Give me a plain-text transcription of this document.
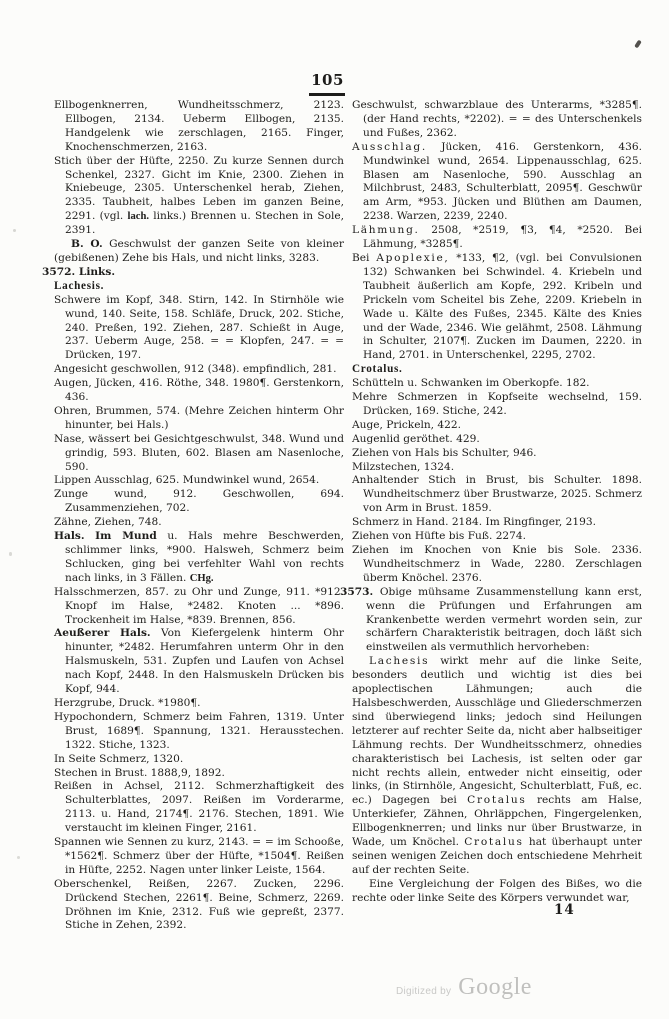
105

Ellbogenknerren, Wundheitsschmerz, 2123. Ellbogen, 2134. Ueberm Ellbogen, 2135. Handgelenk wie zerschlagen, 2165. Finger, Knochenschmerzen, 2163.

Stich über der Hüfte, 2250. Zu kurze Sennen durch Schenkel, 2327. Gicht im Knie, 2300. Ziehen in Kniebeuge, 2305. Unterschenkel herab, Ziehen, 2335. Taubheit, halbes Leben im ganzen Beine, 2291. (vgl. lach. links.) Brennen u. Stechen in Sole, 2391.

B. O. Geschwulst der ganzen Seite von kleiner (gebißenen) Zehe bis Hals, und nicht links, 3283.

3572. Links.

Lachesis.

Schwere im Kopf, 348. Stirn, 142. In Stirnhöle wie wund, 140. Seite, 158. Schläfe, Druck, 202. Stiche, 240. Preßen, 192. Ziehen, 287. Schießt in Auge, 237. Ueberm Auge, 258. = = Klopfen, 247. = = Drücken, 197.

Angesicht geschwollen, 912 (348). empfindlich, 281.

Augen, Jücken, 416. Röthe, 348. 1980¶. Gerstenkorn, 436.

Ohren, Brummen, 574. (Mehre Zeichen hinterm Ohr hinunter, bei Hals.)

Nase, wässert bei Gesichtgeschwulst, 348. Wund und grindig, 593. Bluten, 602. Blasen am Nasenloche, 590.

Lippen Ausschlag, 625. Mundwinkel wund, 2654.

Zunge wund, 912. Geschwollen, 694. Zusammenziehen, 702.

Zähne, Ziehen, 748.

Hals. Im Mund u. Hals mehre Beschwerden, schlimmer links, *900. Halsweh, Schmerz beim Schlucken, ging bei verfehlter Wahl von rechts nach links, in 3 Fällen. CHg.

Halsschmerzen, 857. zu Ohr und Zunge, 911. *912. Knopf im Halse, *2482. Knoten ... *896. Trockenheit im Halse, *839. Brennen, 856.

Aeußerer Hals. Von Kiefergelenk hinterm Ohr hinunter, *2482. Herumfahren unterm Ohr in den Halsmuskeln, 531. Zupfen und Laufen von Achsel nach Kopf, 2448. In den Halsmuskeln Drücken bis Kopf, 944.

Herzgrube, Druck. *1980¶.

Hypochondern, Schmerz beim Fahren, 1319. Unter Brust, 1689¶. Spannung, 1321. Herausstechen. 1322. Stiche, 1323.

In Seite Schmerz, 1320.

Stechen in Brust. 1888,9, 1892.

Reißen in Achsel, 2112. Schmerzhaftigkeit des Schulterblattes, 2097. Reißen im Vorderarme, 2113. u. Hand, 2174¶. 2176. Stechen, 1891. Wie verstaucht im kleinen Finger, 2161.

Spannen wie Sennen zu kurz, 2143. = = im Schooße, *1562¶. Schmerz über der Hüfte, *1504¶. Reißen in Hüfte, 2252. Nagen unter linker Leiste, 1564.

Oberschenkel, Reißen, 2267. Zucken, 2296. Drückend Stechen, 2261¶. Beine, Schmerz, 2269. Dröhnen im Knie, 2312. Fuß wie gepreßt, 2377. Stiche in Zehen, 2392.

Geschwulst, schwarzblaue des Unterarms, *3285¶. (der Hand rechts, *2202). = = des Unterschenkels und Fußes, 2362.

Ausschlag. Jücken, 416. Gerstenkorn, 436. Mundwinkel wund, 2654. Lippenausschlag, 625. Blasen am Nasenloche, 590. Ausschlag an Milchbrust, 2483, Schulterblatt, 2095¶. Geschwür am Arm, *953. Jücken und Blüthen am Daumen, 2238. Warzen, 2239, 2240.

Lähmung. 2508, *2519, ¶3, ¶4, *2520. Bei Lähmung, *3285¶.

Bei Apoplexie, *133, ¶2, (vgl. bei Convulsionen 132) Schwanken bei Schwindel. 4. Kriebeln und Taubheit äußerlich am Kopfe, 292. Kribeln und Prickeln vom Scheitel bis Zehe, 2209. Kriebeln in Wade u. Kälte des Fußes, 2345. Kälte des Knies und der Wade, 2346. Wie gelähmt, 2508. Lähmung in Schulter, 2107¶. Zucken im Daumen, 2220. in Hand, 2701. in Unterschenkel, 2295, 2702.

Crotalus.

Schütteln u. Schwanken im Oberkopfe. 182.

Mehre Schmerzen in Kopfseite wechselnd, 159. Drücken, 169. Stiche, 242.

Auge, Prickeln, 422.

Augenlid geröthet. 429.

Ziehen von Hals bis Schulter, 946.

Milzstechen, 1324.

Anhaltender Stich in Brust, bis Schulter. 1898. Wundheitschmerz über Brustwarze, 2025. Schmerz von Arm in Brust. 1859.

Schmerz in Hand. 2184. Im Ringfinger, 2193.

Ziehen von Hüfte bis Fuß. 2274.

Ziehen im Knochen von Knie bis Sole. 2336. Wundheitschmerz in Wade, 2280. Zerschlagen überm Knöchel. 2376.

3573. Obige mühsame Zusammenstellung kann erst, wenn die Prüfungen und Erfahrungen am Krankenbette werden vermehrt worden sein, zur schärfern Charakteristik beitragen, doch läßt sich einstweilen als vermuthlich hervorheben:

Lachesis wirkt mehr auf die linke Seite, besonders deutlich und wichtig ist dies bei apoplectischen Lähmungen; auch die Halsbeschwerden, Ausschläge und Gliederschmerzen sind überwiegend links; jedoch sind Heilungen letzterer auf rechter Seite da, nicht aber halbseitiger Lähmung rechts. Der Wundheitsschmerz, ohnedies charakteristisch bei Lachesis, ist selten oder gar nicht rechts allein, entweder nicht einseitig, oder links, (in Stirnhöle, Angesicht, Schulterblatt, Fuß, ec. ec.) Dagegen bei Crotalus rechts am Halse, Unterkiefer, Zähnen, Ohrläppchen, Fingergelenken, Ellbogenknerren; und links nur über Brustwarze, in Wade, um Knöchel. Crotalus hat überhaupt unter seinen wenigen Zeichen doch entschiedene Mehrheit auf der rechten Seite.

Eine Vergleichung der Folgen des Bißes, wo die rechte oder linke Seite des Körpers verwundet war,

14
Digitized by Google
